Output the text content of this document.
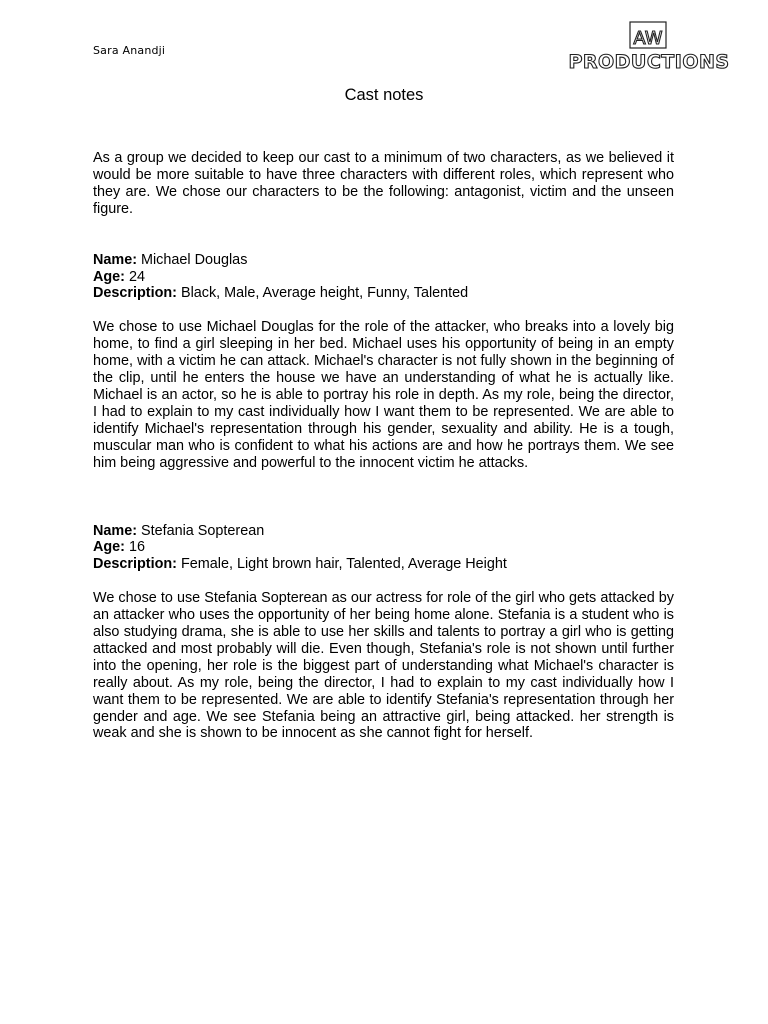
Sara Anandji
AW
PRODUCTIONS
Cast notes

As a group we decided to keep our cast to a minimum of two characters, as we believed it would be more suitable to have three characters with different roles, which represent who they are. We chose our characters to be the following: antagonist, victim and the unseen figure.

Name: Michael Douglas

Age: 24

Description: Black, Male, Average height, Funny, Talented

We chose to use Michael Douglas for the role of the attacker, who breaks into a lovely big home, to find a girl sleeping in her bed. Michael uses his opportunity of being in an empty home, with a victim he can attack. Michael's character is not fully shown in the beginning of the clip, until he enters the house we have an understanding of what he is actually like. Michael is an actor, so he is able to portray his role in depth. As my role, being the director, I had to explain to my cast individually how I want them to be represented. We are able to identify Michael's representation through his gender, sexuality and ability. He is a tough, muscular man who is confident to what his actions are and how he portrays them. We see him being aggressive and powerful to the innocent victim he attacks.

Name: Stefania Sopterean

Age: 16

Description: Female, Light brown hair, Talented, Average Height

We chose to use Stefania Sopterean as our actress for role of the girl who gets attacked by an attacker who uses the opportunity of her being home alone. Stefania is a student who is also studying drama, she is able to use her skills and talents to portray a girl who is getting attacked and most probably will die. Even though, Stefania's role is not shown until further into the opening, her role is the biggest part of understanding what Michael's character is really about. As my role, being the director, I had to explain to my cast individually how I want them to be represented. We are able to identify Stefania's representation through her gender and age. We see Stefania being an attractive girl, being attacked. her strength is weak and she is shown to be innocent as she cannot fight for herself.
